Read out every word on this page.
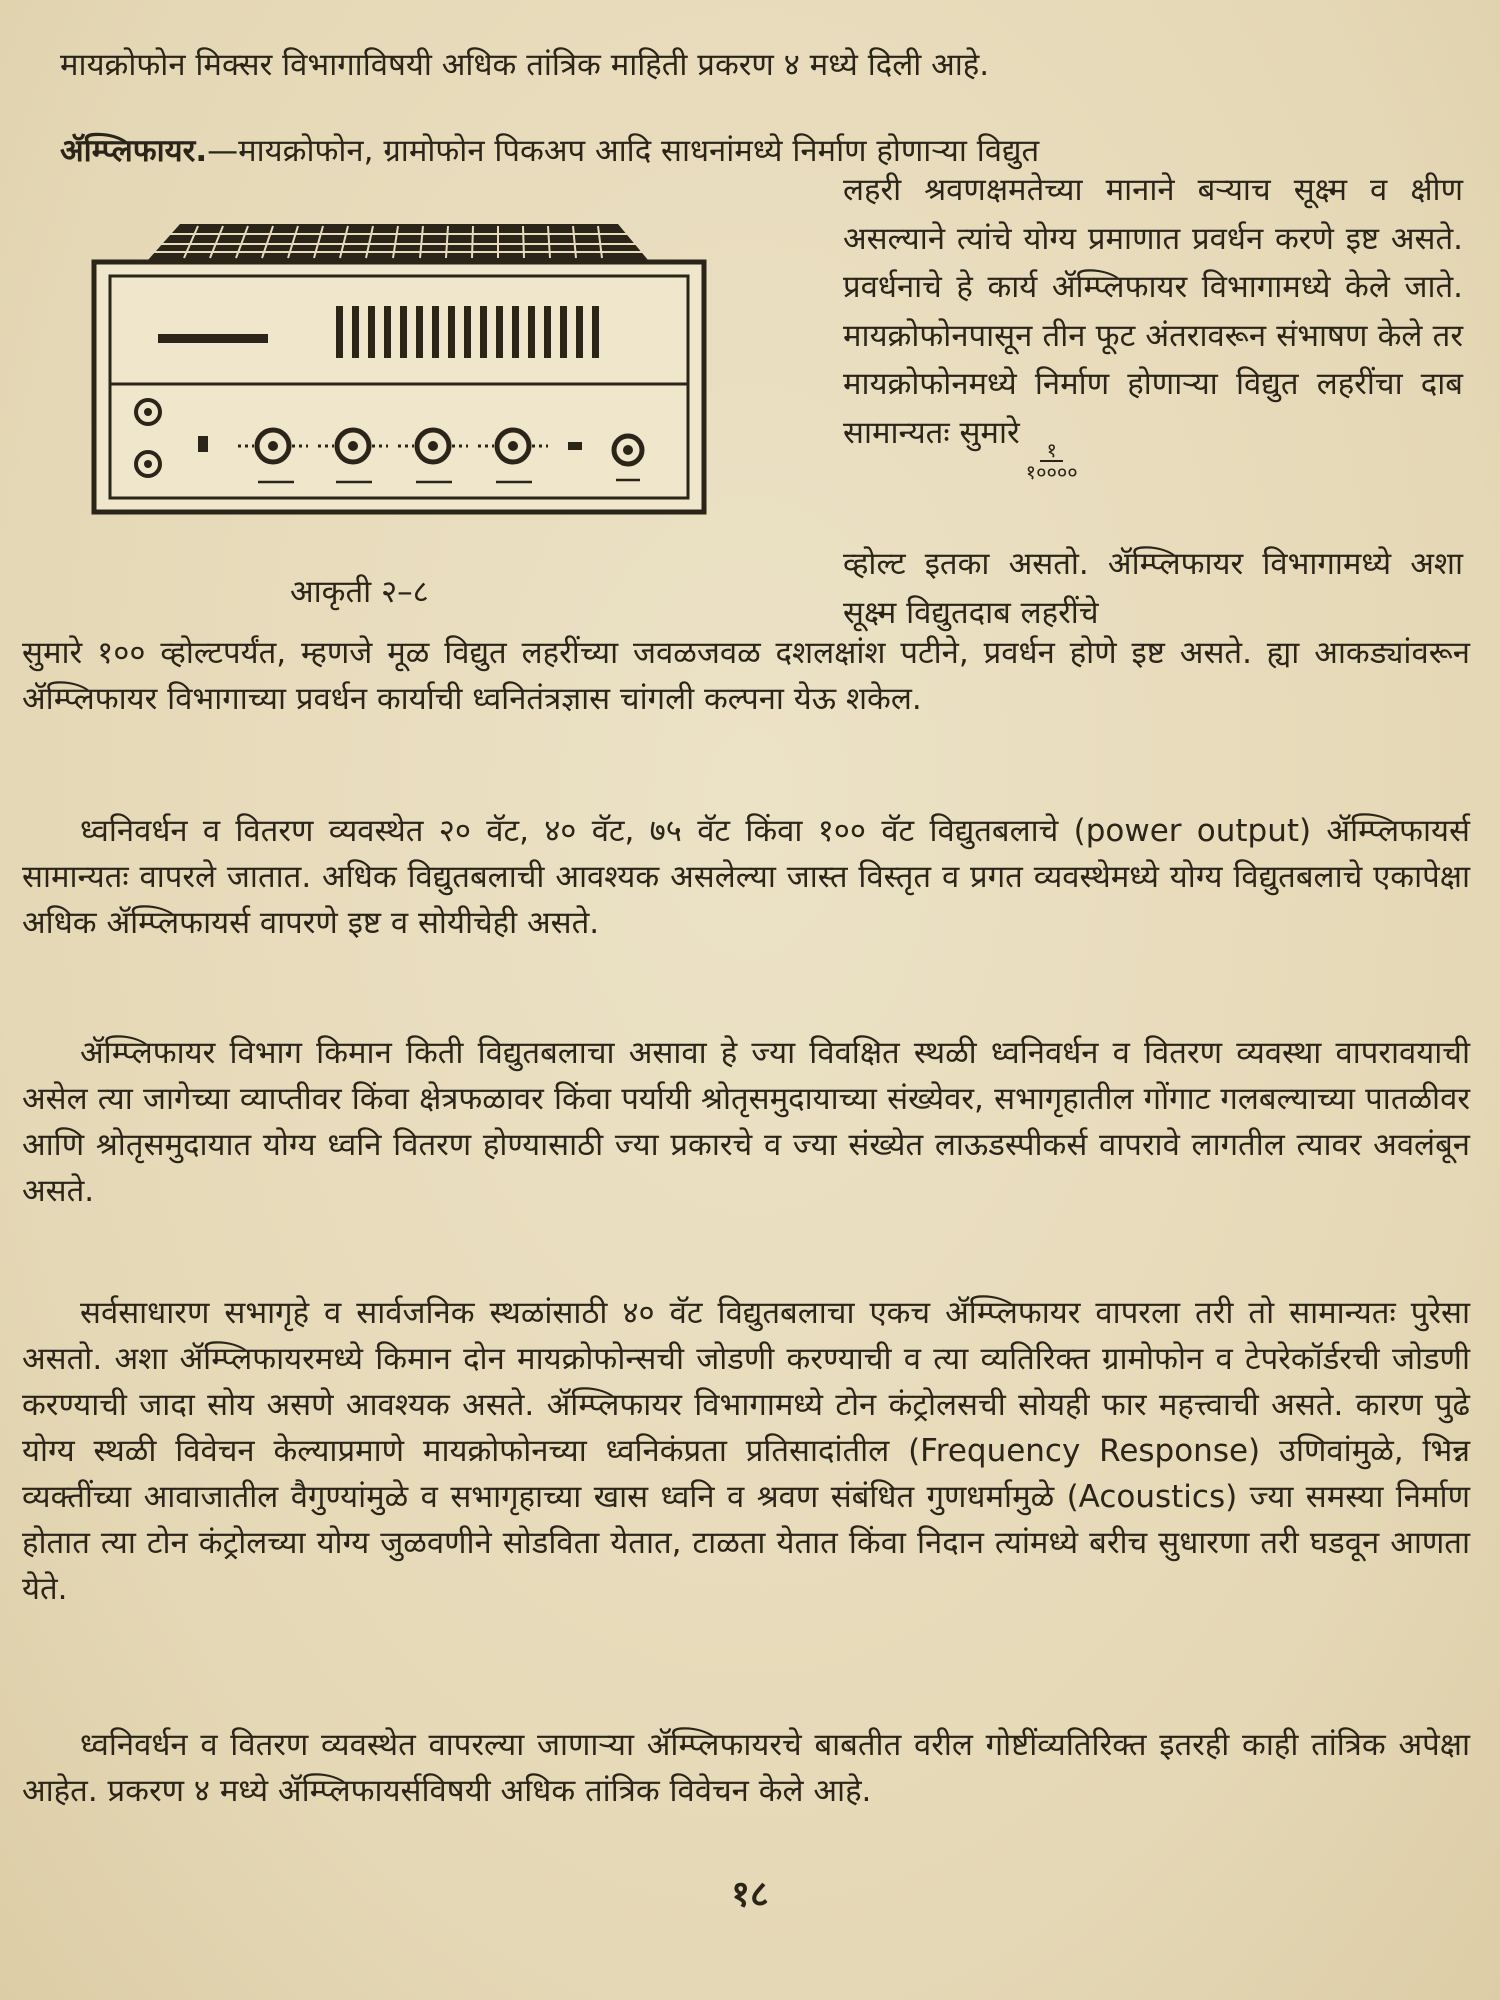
मायक्रोफोन मिक्सर विभागाविषयी अधिक तांत्रिक माहिती प्रकरण ४ मध्ये दिली आहे.

ॲम्प्लिफायर.—मायक्रोफोन, ग्रामोफोन पिकअप आदि साधनांमध्ये निर्माण होणाऱ्या विद्युत

आकृती २–८

लहरी श्रवणक्षमतेच्या मानाने बऱ्याच सूक्ष्म व क्षीण असल्याने त्यांचे योग्य प्रमाणात प्रवर्धन करणे इष्ट असते. प्रवर्धनाचे हे कार्य ॲम्प्लिफायर विभागामध्ये केले जाते. मायक्रोफोनपासून तीन फूट अंतरावरून संभाषण केले तर मायक्रोफोनमध्ये निर्माण होणाऱ्या विद्युत लहरींचा दाब सामान्यतः सुमारे
$\frac{१}{१००००}$

व्होल्ट इतका असतो. ॲम्प्लिफायर विभागामध्ये अशा सूक्ष्म विद्युतदाब लहरींचे

सुमारे १०० व्होल्टपर्यंत, म्हणजे मूळ विद्युत लहरींच्या जवळजवळ दशलक्षांश पटीने, प्रवर्धन होणे इष्ट असते. ह्या आकड्यांवरून ॲम्प्लिफायर विभागाच्या प्रवर्धन कार्याची ध्वनितंत्रज्ञास चांगली कल्पना येऊ शकेल.

ध्वनिवर्धन व वितरण व्यवस्थेत २० वॅट, ४० वॅट, ७५ वॅट किंवा १०० वॅट विद्युतबलाचे (power output) ॲम्प्लिफायर्स सामान्यतः वापरले जातात. अधिक विद्युतबलाची आवश्यक असलेल्या जास्त विस्तृत व प्रगत व्यवस्थेमध्ये योग्य विद्युतबलाचे एकापेक्षा अधिक ॲम्प्लिफायर्स वापरणे इष्ट व सोयीचेही असते.

ॲम्प्लिफायर विभाग किमान किती विद्युतबलाचा असावा हे ज्या विवक्षित स्थळी ध्वनिवर्धन व वितरण व्यवस्था वापरावयाची असेल त्या जागेच्या व्याप्तीवर किंवा क्षेत्रफळावर किंवा पर्यायी श्रोतृसमुदायाच्या संख्येवर, सभागृहातील गोंगाट गलबल्याच्या पातळीवर आणि श्रोतृसमुदायात योग्य ध्वनि वितरण होण्यासाठी ज्या प्रकारचे व ज्या संख्येत लाऊडस्पीकर्स वापरावे लागतील त्यावर अवलंबून असते.

सर्वसाधारण सभागृहे व सार्वजनिक स्थळांसाठी ४० वॅट विद्युतबलाचा एकच ॲम्प्लिफायर वापरला तरी तो सामान्यतः पुरेसा असतो. अशा ॲम्प्लिफायरमध्ये किमान दोन मायक्रोफोन्सची जोडणी करण्याची व त्या व्यतिरिक्त ग्रामोफोन व टेपरेकॉर्डरची जोडणी करण्याची जादा सोय असणे आवश्यक असते. ॲम्प्लिफायर विभागामध्ये टोन कंट्रोलसची सोयही फार महत्त्वाची असते. कारण पुढे योग्य स्थळी विवेचन केल्याप्रमाणे मायक्रोफोनच्या ध्वनिकंप्रता प्रतिसादांतील (Frequency Response) उणिवांमुळे, भिन्न व्यक्तींच्या आवाजातील वैगुण्यांमुळे व सभागृहाच्या खास ध्वनि व श्रवण संबंधित गुणधर्मामुळे (Acoustics) ज्या समस्या निर्माण होतात त्या टोन कंट्रोलच्या योग्य जुळवणीने सोडविता येतात, टाळता येतात किंवा निदान त्यांमध्ये बरीच सुधारणा तरी घडवून आणता येते.

ध्वनिवर्धन व वितरण व्यवस्थेत वापरल्या जाणाऱ्या ॲम्प्लिफायरचे बाबतीत वरील गोष्टींव्यतिरिक्त इतरही काही तांत्रिक अपेक्षा आहेत. प्रकरण ४ मध्ये ॲम्प्लिफायर्सविषयी अधिक तांत्रिक विवेचन केले आहे.

१८
